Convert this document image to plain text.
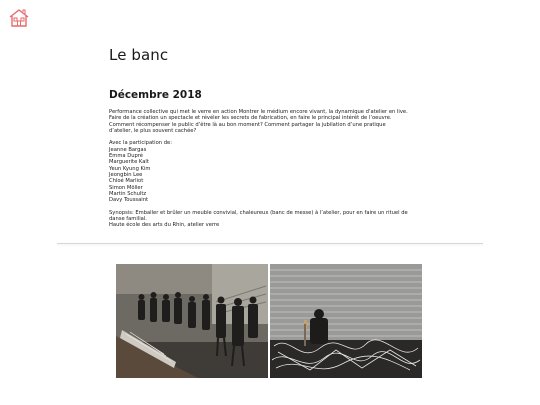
Le banc
Décembre 2018

Performance collective qui met le verre en action Montrer le médium encore vivant, la dynamique d’atelier en live. Faire de la création un spectacle et révéler les secrets de fabrication, en faire le principal intérêt de l’oeuvre. Comment récompenser le public d’être là au bon moment? Comment partager la jubilation d’une pratique d’atelier, le plus souvent cachée?

Avec la participation de:

Jeanne Bargas
Emma Dupré
Marguerite Kalt
Yeun Kyung Kim
Jeongbin Lee
Chloé Marliot
Simon Möller
Martin Schultz
Davy Toussaint

Synopsis: Emballer et brûler un meuble convivial, chaleureux (banc de messe) à l’atelier, pour en faire un rituel de danse familial.

Haute école des arts du Rhin, atelier verre
